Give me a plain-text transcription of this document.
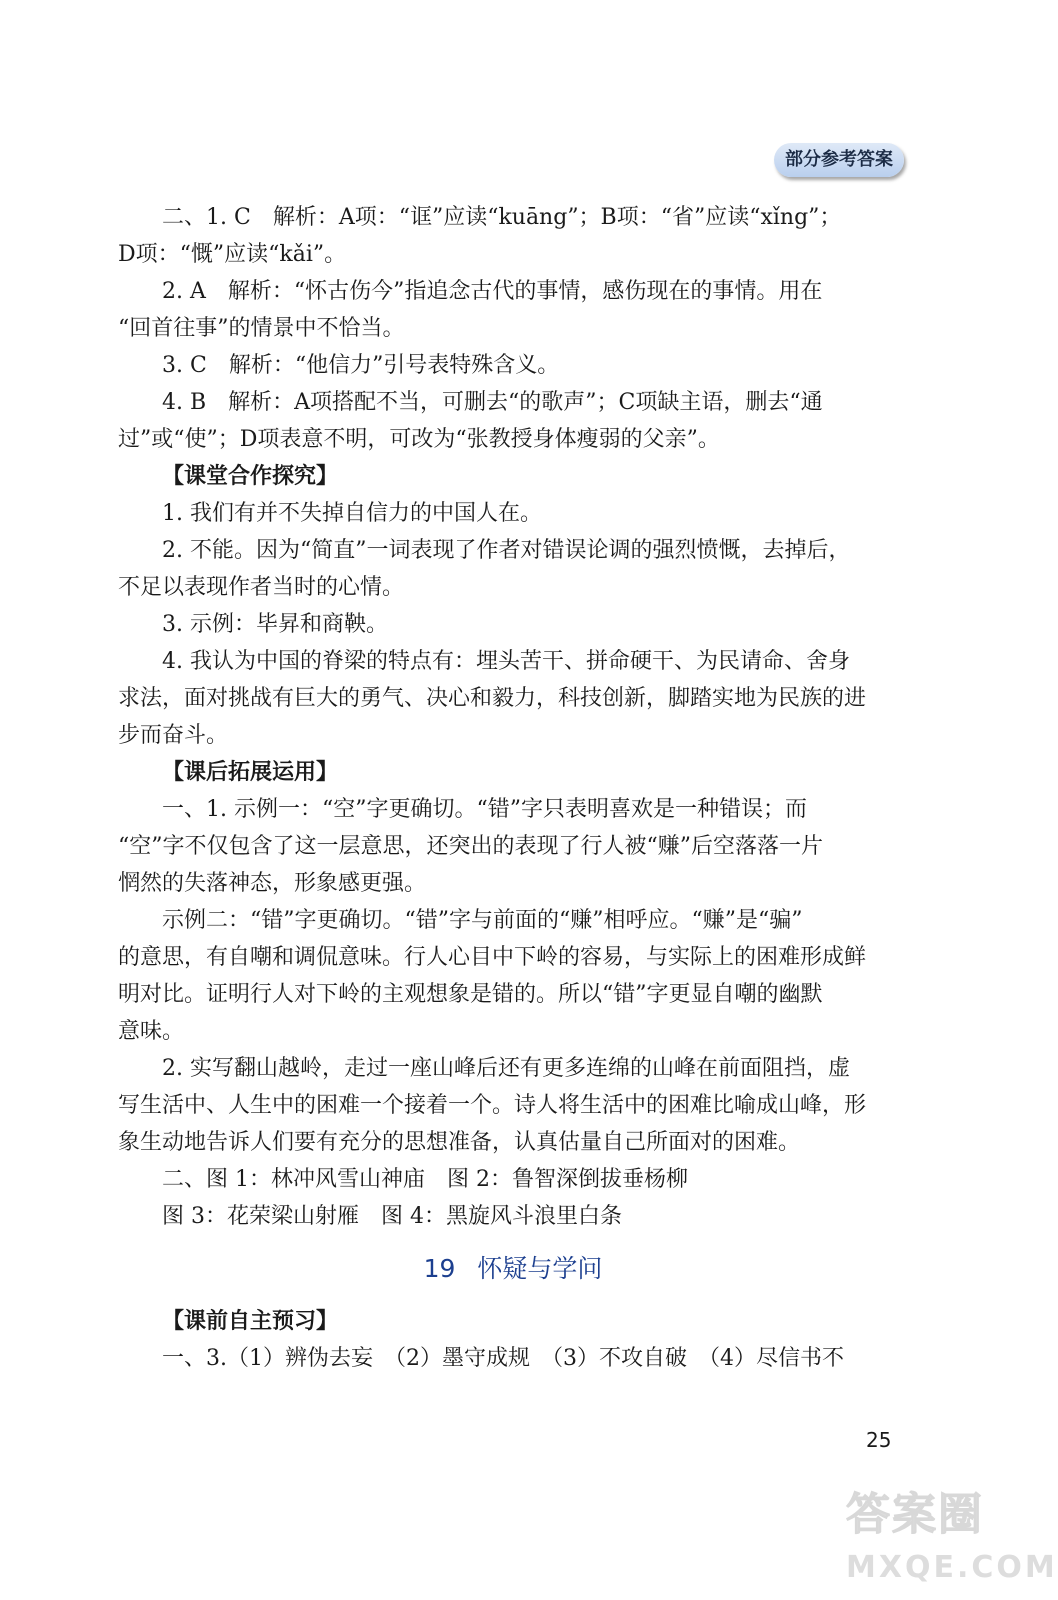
部分参考答案
二、1. C　解析：A项：“诓”应读“kuāng”；B项：“省”应读“xǐng”；
D项：“慨”应读“kǎi”。
2. A　解析：“怀古伤今”指追念古代的事情，感伤现在的事情。用在
“回首往事”的情景中不恰当。
3. C　解析：“他信力”引号表特殊含义。
4. B　解析：A项搭配不当，可删去“的歌声”；C项缺主语，删去“通
过”或“使”；D项表意不明，可改为“张教授身体瘦弱的父亲”。
【课堂合作探究】
1. 我们有并不失掉自信力的中国人在。
2. 不能。因为“简直”一词表现了作者对错误论调的强烈愤慨，去掉后，
不足以表现作者当时的心情。
3. 示例：毕昇和商鞅。
4. 我认为中国的脊梁的特点有：埋头苦干、拼命硬干、为民请命、舍身
求法，面对挑战有巨大的勇气、决心和毅力，科技创新，脚踏实地为民族的进
步而奋斗。
【课后拓展运用】
一、1. 示例一：“空”字更确切。“错”字只表明喜欢是一种错误；而
“空”字不仅包含了这一层意思，还突出的表现了行人被“赚”后空落落一片
惘然的失落神态，形象感更强。
示例二：“错”字更确切。“错”字与前面的“赚”相呼应。“赚”是“骗”
的意思，有自嘲和调侃意味。行人心目中下岭的容易，与实际上的困难形成鲜
明对比。证明行人对下岭的主观想象是错的。所以“错”字更显自嘲的幽默
意味。
2. 实写翻山越岭，走过一座山峰后还有更多连绵的山峰在前面阻挡，虚
写生活中、人生中的困难一个接着一个。诗人将生活中的困难比喻成山峰，形
象生动地告诉人们要有充分的思想准备，认真估量自己所面对的困难。
二、图 1：林冲风雪山神庙　图 2：鲁智深倒拔垂杨柳
图 3：花荣梁山射雁　图 4：黑旋风斗浪里白条
19 怀疑与学问
【课前自主预习】
一、3.（1）辨伪去妄　（2）墨守成规　（3）不攻自破　（4）尽信书不
25
答案圈
MXQE.COM
